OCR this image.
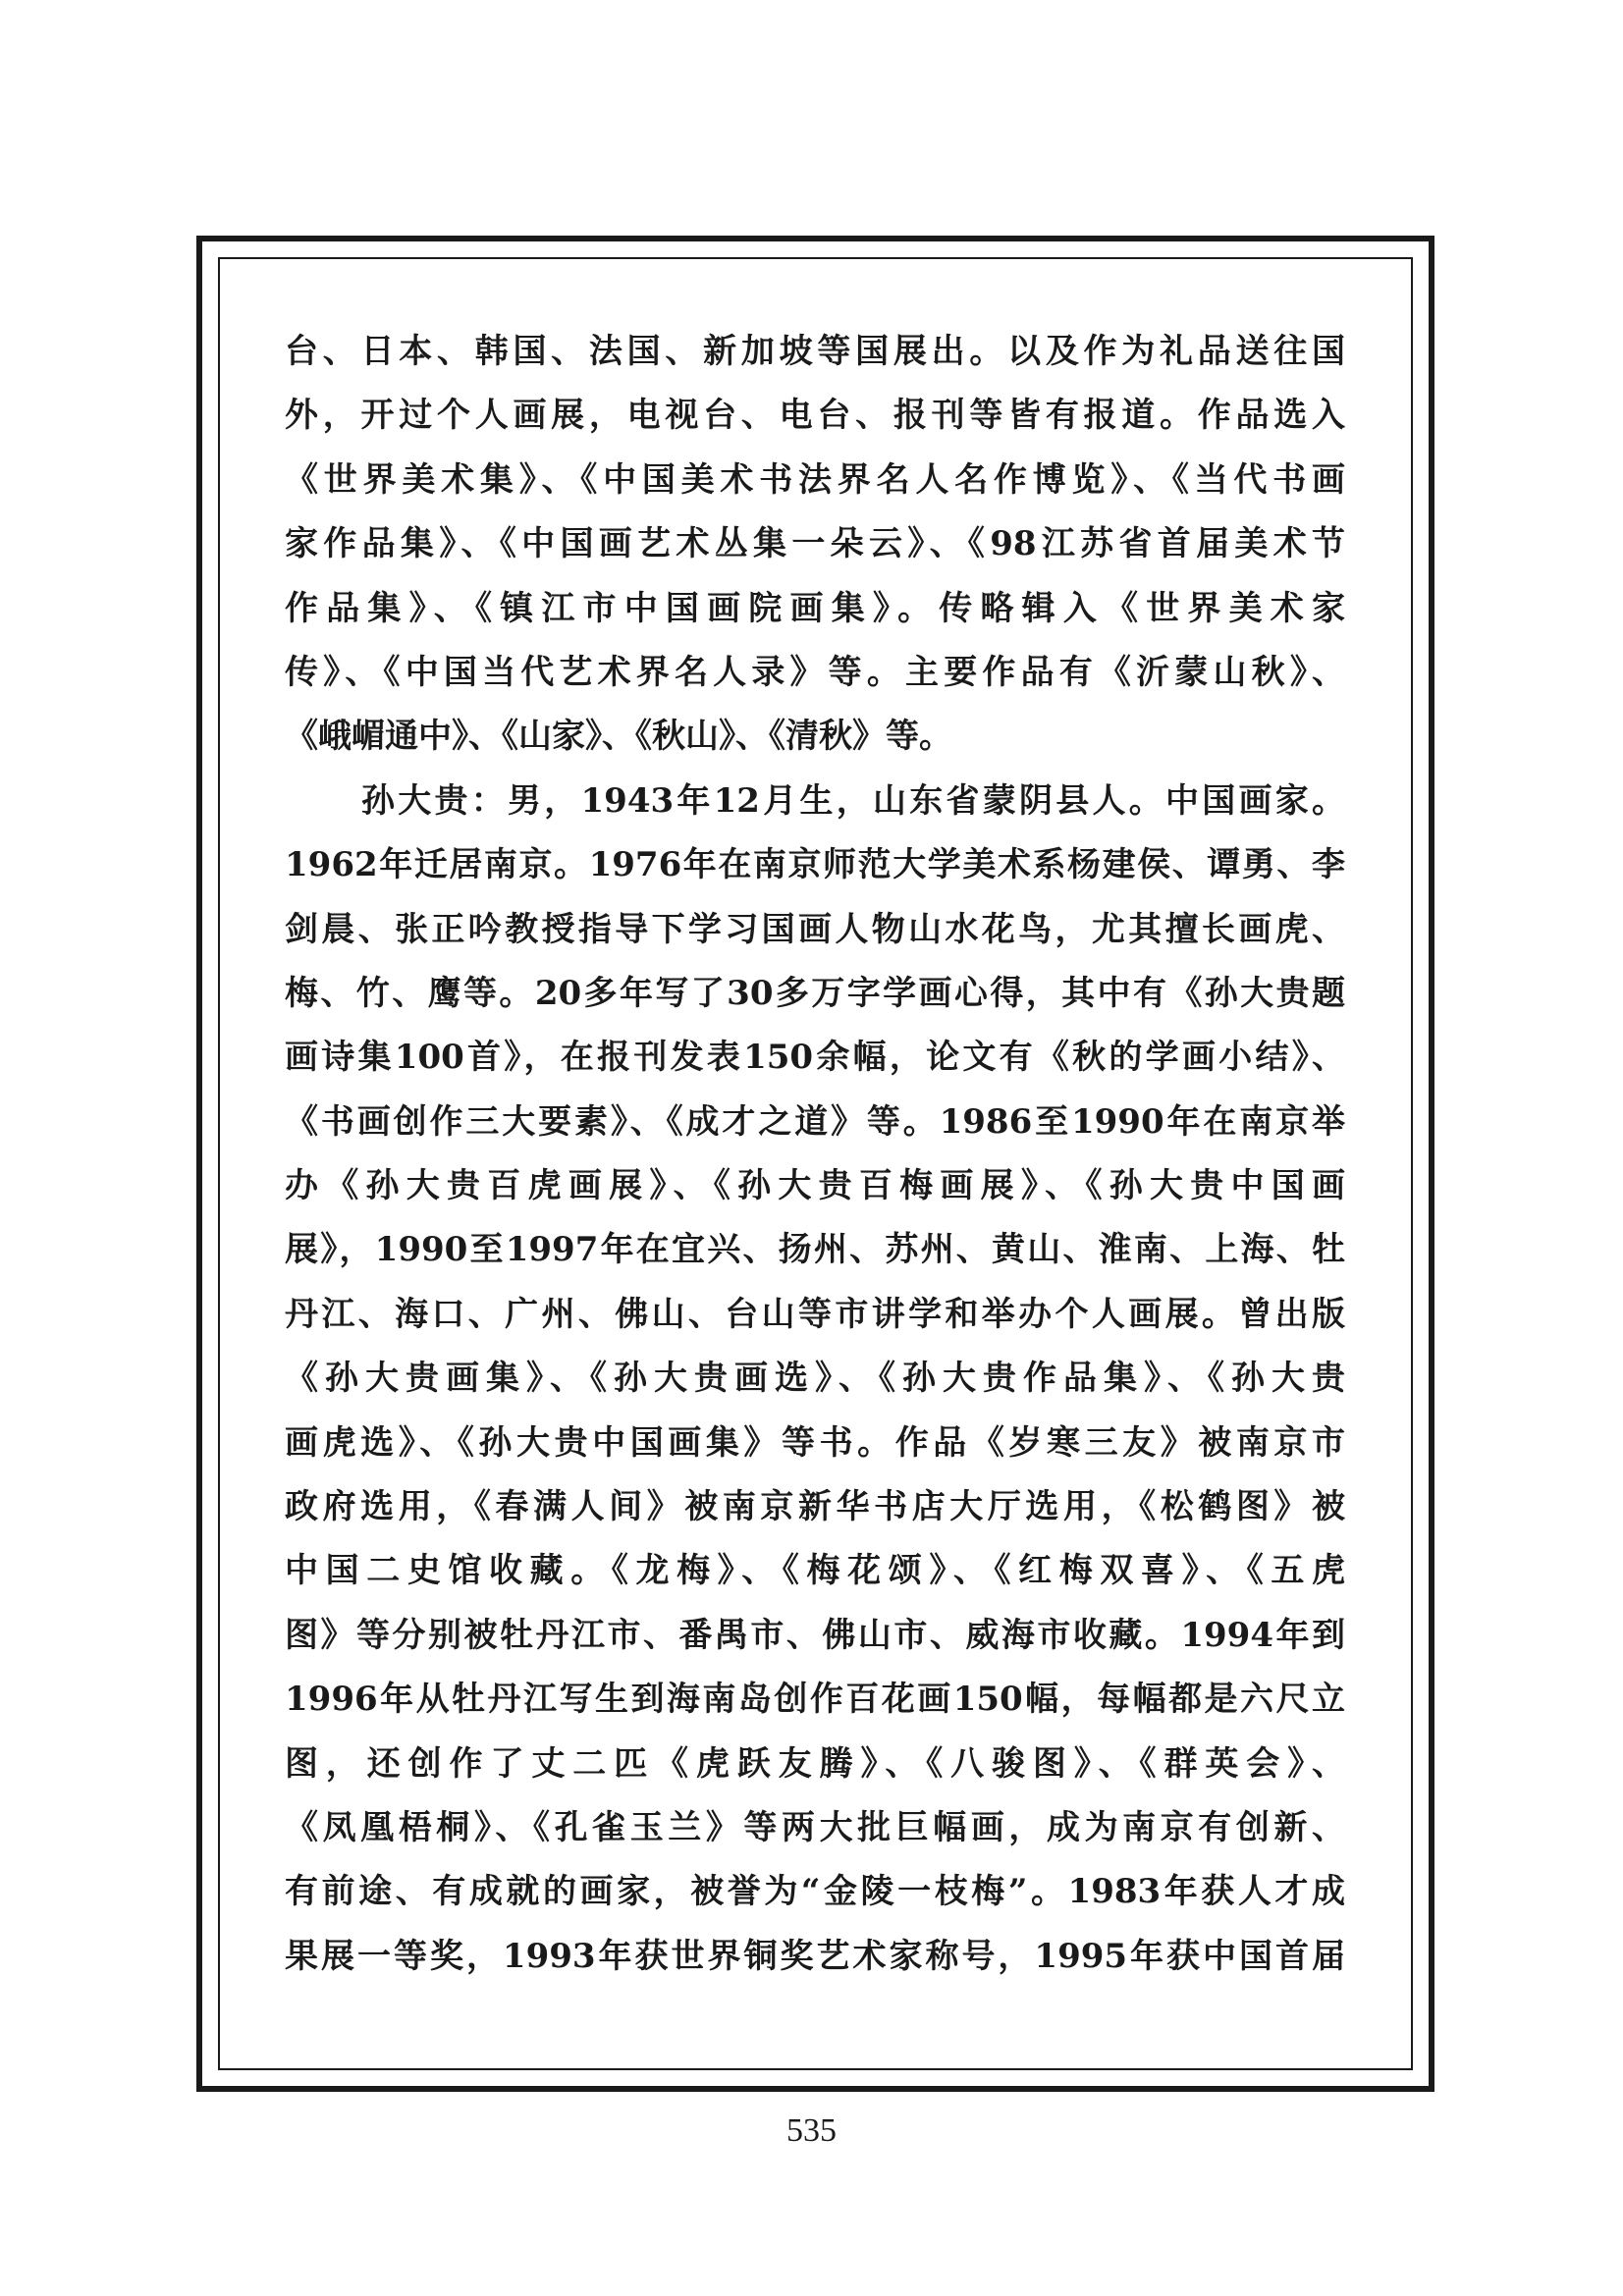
台、日本、韩国、法国、新加坡等国展出。以及作为礼品送往国
外，开过个人画展，电视台、电台、报刊等皆有报道。作品选入
《世界美术集》、《中国美术书法界名人名作博览》、《当代书画
家作品集》、《中国画艺术丛集一朵云》、《98江苏省首届美术节
作品集》、《镇江市中国画院画集》。传略辑入《世界美术家
传》、《中国当代艺术界名人录》等。主要作品有《沂蒙山秋》、
《峨嵋通中》、《山家》、《秋山》、《清秋》等。
孙大贵：男，1943年12月生，山东省蒙阴县人。中国画家。
1962年迁居南京。1976年在南京师范大学美术系杨建侯、谭勇、李
剑晨、张正吟教授指导下学习国画人物山水花鸟，尤其擅长画虎、
梅、竹、鹰等。20多年写了30多万字学画心得，其中有《孙大贵题
画诗集100首》，在报刊发表150余幅，论文有《秋的学画小结》、
《书画创作三大要素》、《成才之道》等。1986至1990年在南京举
办《孙大贵百虎画展》、《孙大贵百梅画展》、《孙大贵中国画
展》，1990至1997年在宜兴、扬州、苏州、黄山、淮南、上海、牡
丹江、海口、广州、佛山、台山等市讲学和举办个人画展。曾出版
《孙大贵画集》、《孙大贵画选》、《孙大贵作品集》、《孙大贵
画虎选》、《孙大贵中国画集》等书。作品《岁寒三友》被南京市
政府选用，《春满人间》被南京新华书店大厅选用，《松鹤图》被
中国二史馆收藏。《龙梅》、《梅花颂》、《红梅双喜》、《五虎
图》等分别被牡丹江市、番禺市、佛山市、威海市收藏。1994年到
1996年从牡丹江写生到海南岛创作百花画150幅，每幅都是六尺立
图，还创作了丈二匹《虎跃友腾》、《八骏图》、《群英会》、
《凤凰梧桐》、《孔雀玉兰》等两大批巨幅画，成为南京有创新、
有前途、有成就的画家，被誉为“金陵一枝梅”。1983年获人才成
果展一等奖，1993年获世界铜奖艺术家称号，1995年获中国首届
535
